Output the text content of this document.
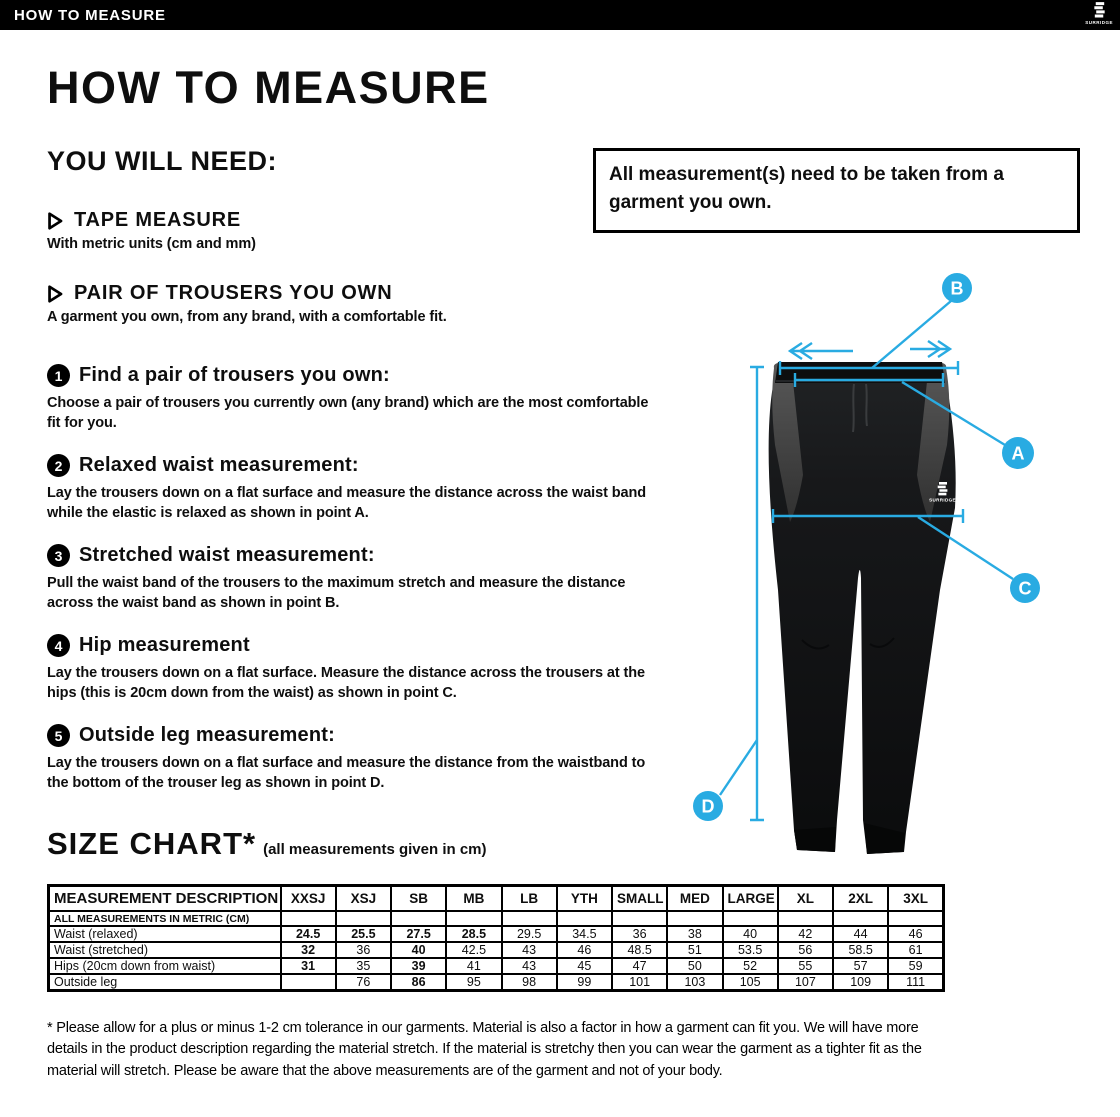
HOW TO MEASURE	SURRIDGE
HOW TO MEASURE
YOU WILL NEED:	All measurement(s) need to be taken from a garment you own.
TAPE MEASURE
With metric units (cm and mm)
PAIR OF TROUSERS YOU OWN
A garment you own, from any brand, with a comfortable fit.
1 Find a pair of trousers you own:

Choose a pair of trousers you currently own (any brand) which are the most comfortable fit for you.

2 Relaxed waist measurement:

Lay the trousers down on a flat surface and measure the distance across the waist band while the elastic is relaxed as shown in point A.

3 Stretched waist measurement:

Pull the waist band of the trousers to the maximum stretch and measure the distance across the waist band as shown in point B.

4 Hip measurement

Lay the trousers down on a flat surface. Measure the distance across the trousers at the hips (this is 20cm down from the waist) as shown in point C.

5 Outside leg measurement:

Lay the trousers down on a flat surface and measure the distance from the waistband to the bottom of the trouser leg as shown in point D.

SIZE CHART* (all measurements given in cm)
MEASUREMENT DESCRIPTION	XXSJ	XSJ	SB	MB	LB	YTH	SMALL	MED	LARGE	XL	2XL	3XL
ALL MEASUREMENTS IN METRIC (CM)												
Waist (relaxed)	24.5	25.5	27.5	28.5	29.5	34.5	36	38	40	42	44	46
Waist (stretched)	32	36	40	42.5	43	46	48.5	51	53.5	56	58.5	61
Hips (20cm down from waist)	31	35	39	41	43	45	47	50	52	55	57	59
Outside leg		76	86	95	98	99	101	103	105	107	109	111

* Please allow for a plus or minus 1-2 cm tolerance in our garments. Material is also a factor in how a garment can fit you. We will have more details in the product description regarding the material stretch. If the material is stretchy then you can wear the garment as a tighter fit as the material will stretch. Please be aware that the above measurements are of the garment and not of your body.

SURRIDGE
B
A
C
D
